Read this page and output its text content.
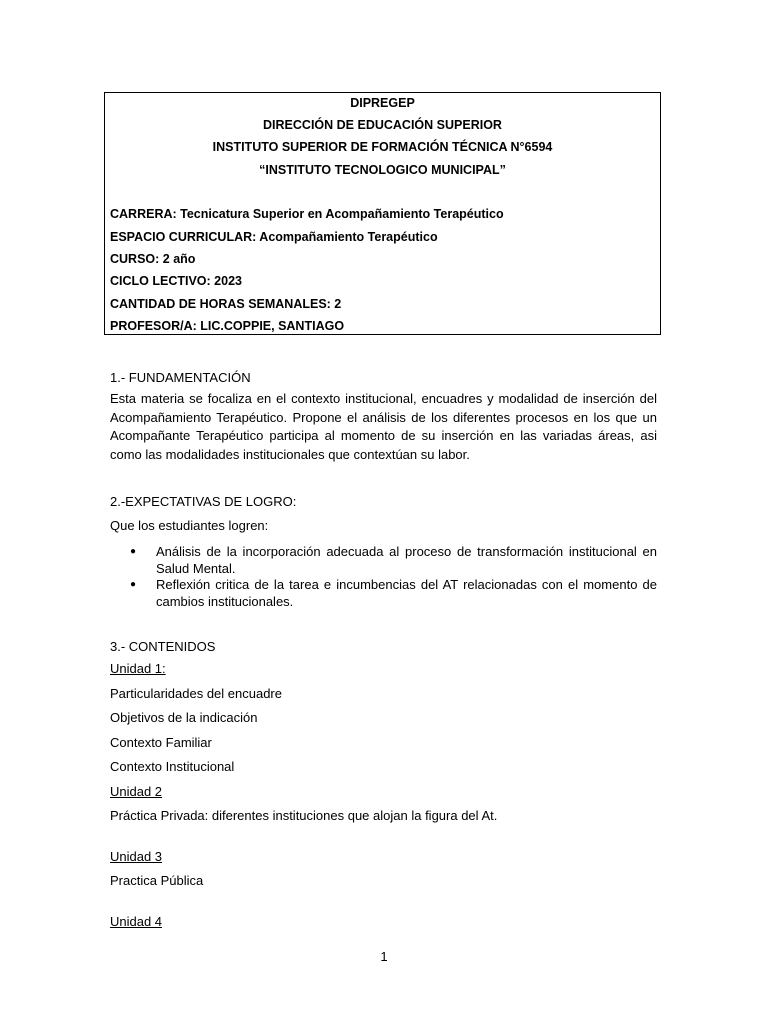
DIPREGEP
DIRECCIÓN DE EDUCACIÓN SUPERIOR
INSTITUTO SUPERIOR DE FORMACIÓN TÉCNICA N°6594
“INSTITUTO TECNOLOGICO MUNICIPAL”
CARRERA: Tecnicatura Superior en Acompañamiento Terapéutico
ESPACIO CURRICULAR: Acompañamiento Terapéutico
CURSO: 2 año
CICLO LECTIVO: 2023
CANTIDAD DE HORAS SEMANALES: 2
PROFESOR/A: LIC.COPPIE, SANTIAGO
1.- FUNDAMENTACIÓN
Esta materia se focaliza en el contexto institucional, encuadres y modalidad de inserción del Acompañamiento Terapéutico. Propone el análisis de los diferentes procesos en los que un Acompañante Terapéutico participa al momento de su inserción en las variadas áreas, asi como las modalidades institucionales que contextúan su labor.
2.-EXPECTATIVAS DE LOGRO:
Que los estudiantes logren:
●	Análisis de la incorporación adecuada al proceso de transformación institucional en Salud Mental.
●	Reflexión critica de la tarea e incumbencias del AT relacionadas con el momento de cambios institucionales.
3.- CONTENIDOS
Unidad 1:
Particularidades del encuadre
Objetivos de la indicación
Contexto Familiar
Contexto Institucional
Unidad 2
Práctica Privada: diferentes instituciones que alojan la figura del At.
Unidad 3
Practica Pública
Unidad 4
1
